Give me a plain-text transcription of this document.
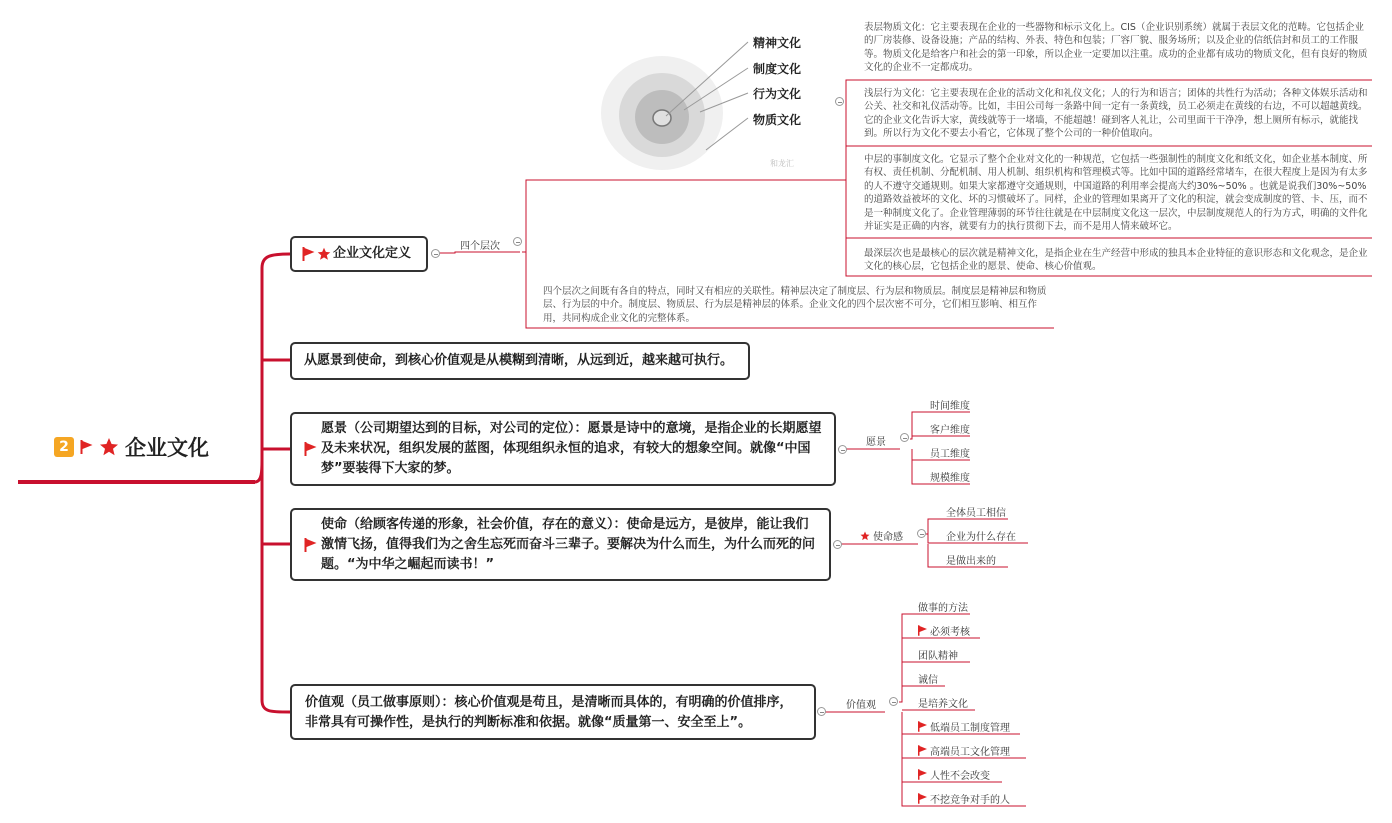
2	企业文化
企业文化定义	四个层次
精神文化
制度文化
行为文化
物质文化
和龙汇
表层物质文化：它主要表现在企业的一些器物和标示文化上。CIS（企业识别系统）就属于表层文化的范畴。它包括企业的厂房装修、设备设施；产品的结构、外表、特色和包装；厂容厂貌、服务场所；以及企业的信纸信封和员工的工作服等。物质文化是给客户和社会的第一印象，所以企业一定要加以注重。成功的企业都有成功的物质文化，但有良好的物质文化的企业不一定都成功。
浅层行为文化：它主要表现在企业的活动文化和礼仪文化；人的行为和语言；团体的共性行为活动；各种文体娱乐活动和公关、社交和礼仪活动等。比如，丰田公司每一条路中间一定有一条黄线，员工必须走在黄线的右边，不可以超越黄线。它的企业文化告诉大家，黄线就等于一堵墙，不能超越！碰到客人礼让，公司里面干干净净，想上厕所有标示，就能找到。所以行为文化不要去小看它，它体现了整个公司的一种价值取向。
中层的事制度文化。它显示了整个企业对文化的一种规范，它包括一些强制性的制度文化和纸文化，如企业基本制度、所有权、责任机制、分配机制、用人机制、组织机构和管理模式等。比如中国的道路经常堵车，在很大程度上是因为有太多的人不遵守交通规则。如果大家都遵守交通规则，中国道路的利用率会提高大约30%~50% 。也就是说我们30%~50%的道路效益被坏的文化、坏的习惯破坏了。同样，企业的管理如果离开了文化的积淀，就会变成制度的管、卡、压，而不是一种制度文化了。企业管理薄弱的环节往往就是在中层制度文化这一层次，中层制度规范人的行为方式，明确的文件化并证实是正确的内容，就要有力的执行贯彻下去，而不是用人情来破坏它。
最深层次也是最核心的层次就是精神文化，是指企业在生产经营中形成的独具本企业特征的意识形态和文化观念，是企业文化的核心层，它包括企业的愿景、使命、核心价值观。
四个层次之间既有各自的特点，同时又有相应的关联性。精神层决定了制度层、行为层和物质层。制度层是精神层和物质层、行为层的中介。制度层、物质层、行为层是精神层的体系。企业文化的四个层次密不可分，它们相互影响、相互作用，共同构成企业文化的完整体系。
从愿景到使命，到核心价值观是从模糊到清晰，从远到近，越来越可执行。
愿景（公司期望达到的目标，对公司的定位）：愿景是诗中的意境，是指企业的长期愿望及未来状况，组织发展的蓝图，体现组织永恒的追求，有较大的想象空间。就像“中国梦”要装得下大家的梦。
愿景
时间维度
客户维度
员工维度
规模维度
使命（给顾客传递的形象，社会价值，存在的意义）：使命是远方，是彼岸，能让我们激情飞扬，值得我们为之舍生忘死而奋斗三辈子。要解决为什么而生，为什么而死的问题。“为中华之崛起而读书！”
使命感
全体员工相信
企业为什么存在
是做出来的
价值观（员工做事原则）：核心价值观是苟且，是清晰而具体的，有明确的价值排序，非常具有可操作性，是执行的判断标准和依据。就像“质量第一、安全至上”。
价值观
做事的方法
必须考核
团队精神
诚信
是培养文化
低端员工制度管理
高端员工文化管理
人性不会改变
不挖竞争对手的人
